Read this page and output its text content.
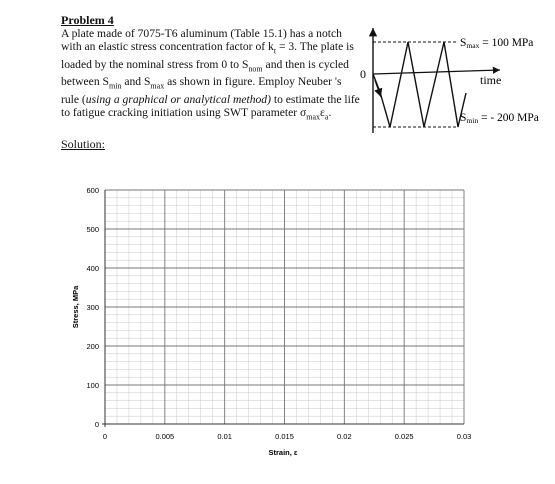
Problem 4

A plate made of 7075-T6 aluminum (Table 15.1) has a notch with an elastic stress concentration factor of $k_t = 3$. The plate is loaded by the nominal stress from 0 to $S_{nom}$ and then is cycled between $S_{min}$ and $S_{max}$ as shown in figure. Employ Neuber 's rule (using a graphical or analytical method) to estimate the life to fatigue cracking initiation using SWT parameter $\sigma_{max}\varepsilon_a$.

Solution:
0	time
Smax = 100 MPa
Smin = - 200 MPa
0	0.005	0.01	0.015	0.02	0.025	0.03
0
100
200
300
400
500
600
Strain, ε
Stress, MPa
